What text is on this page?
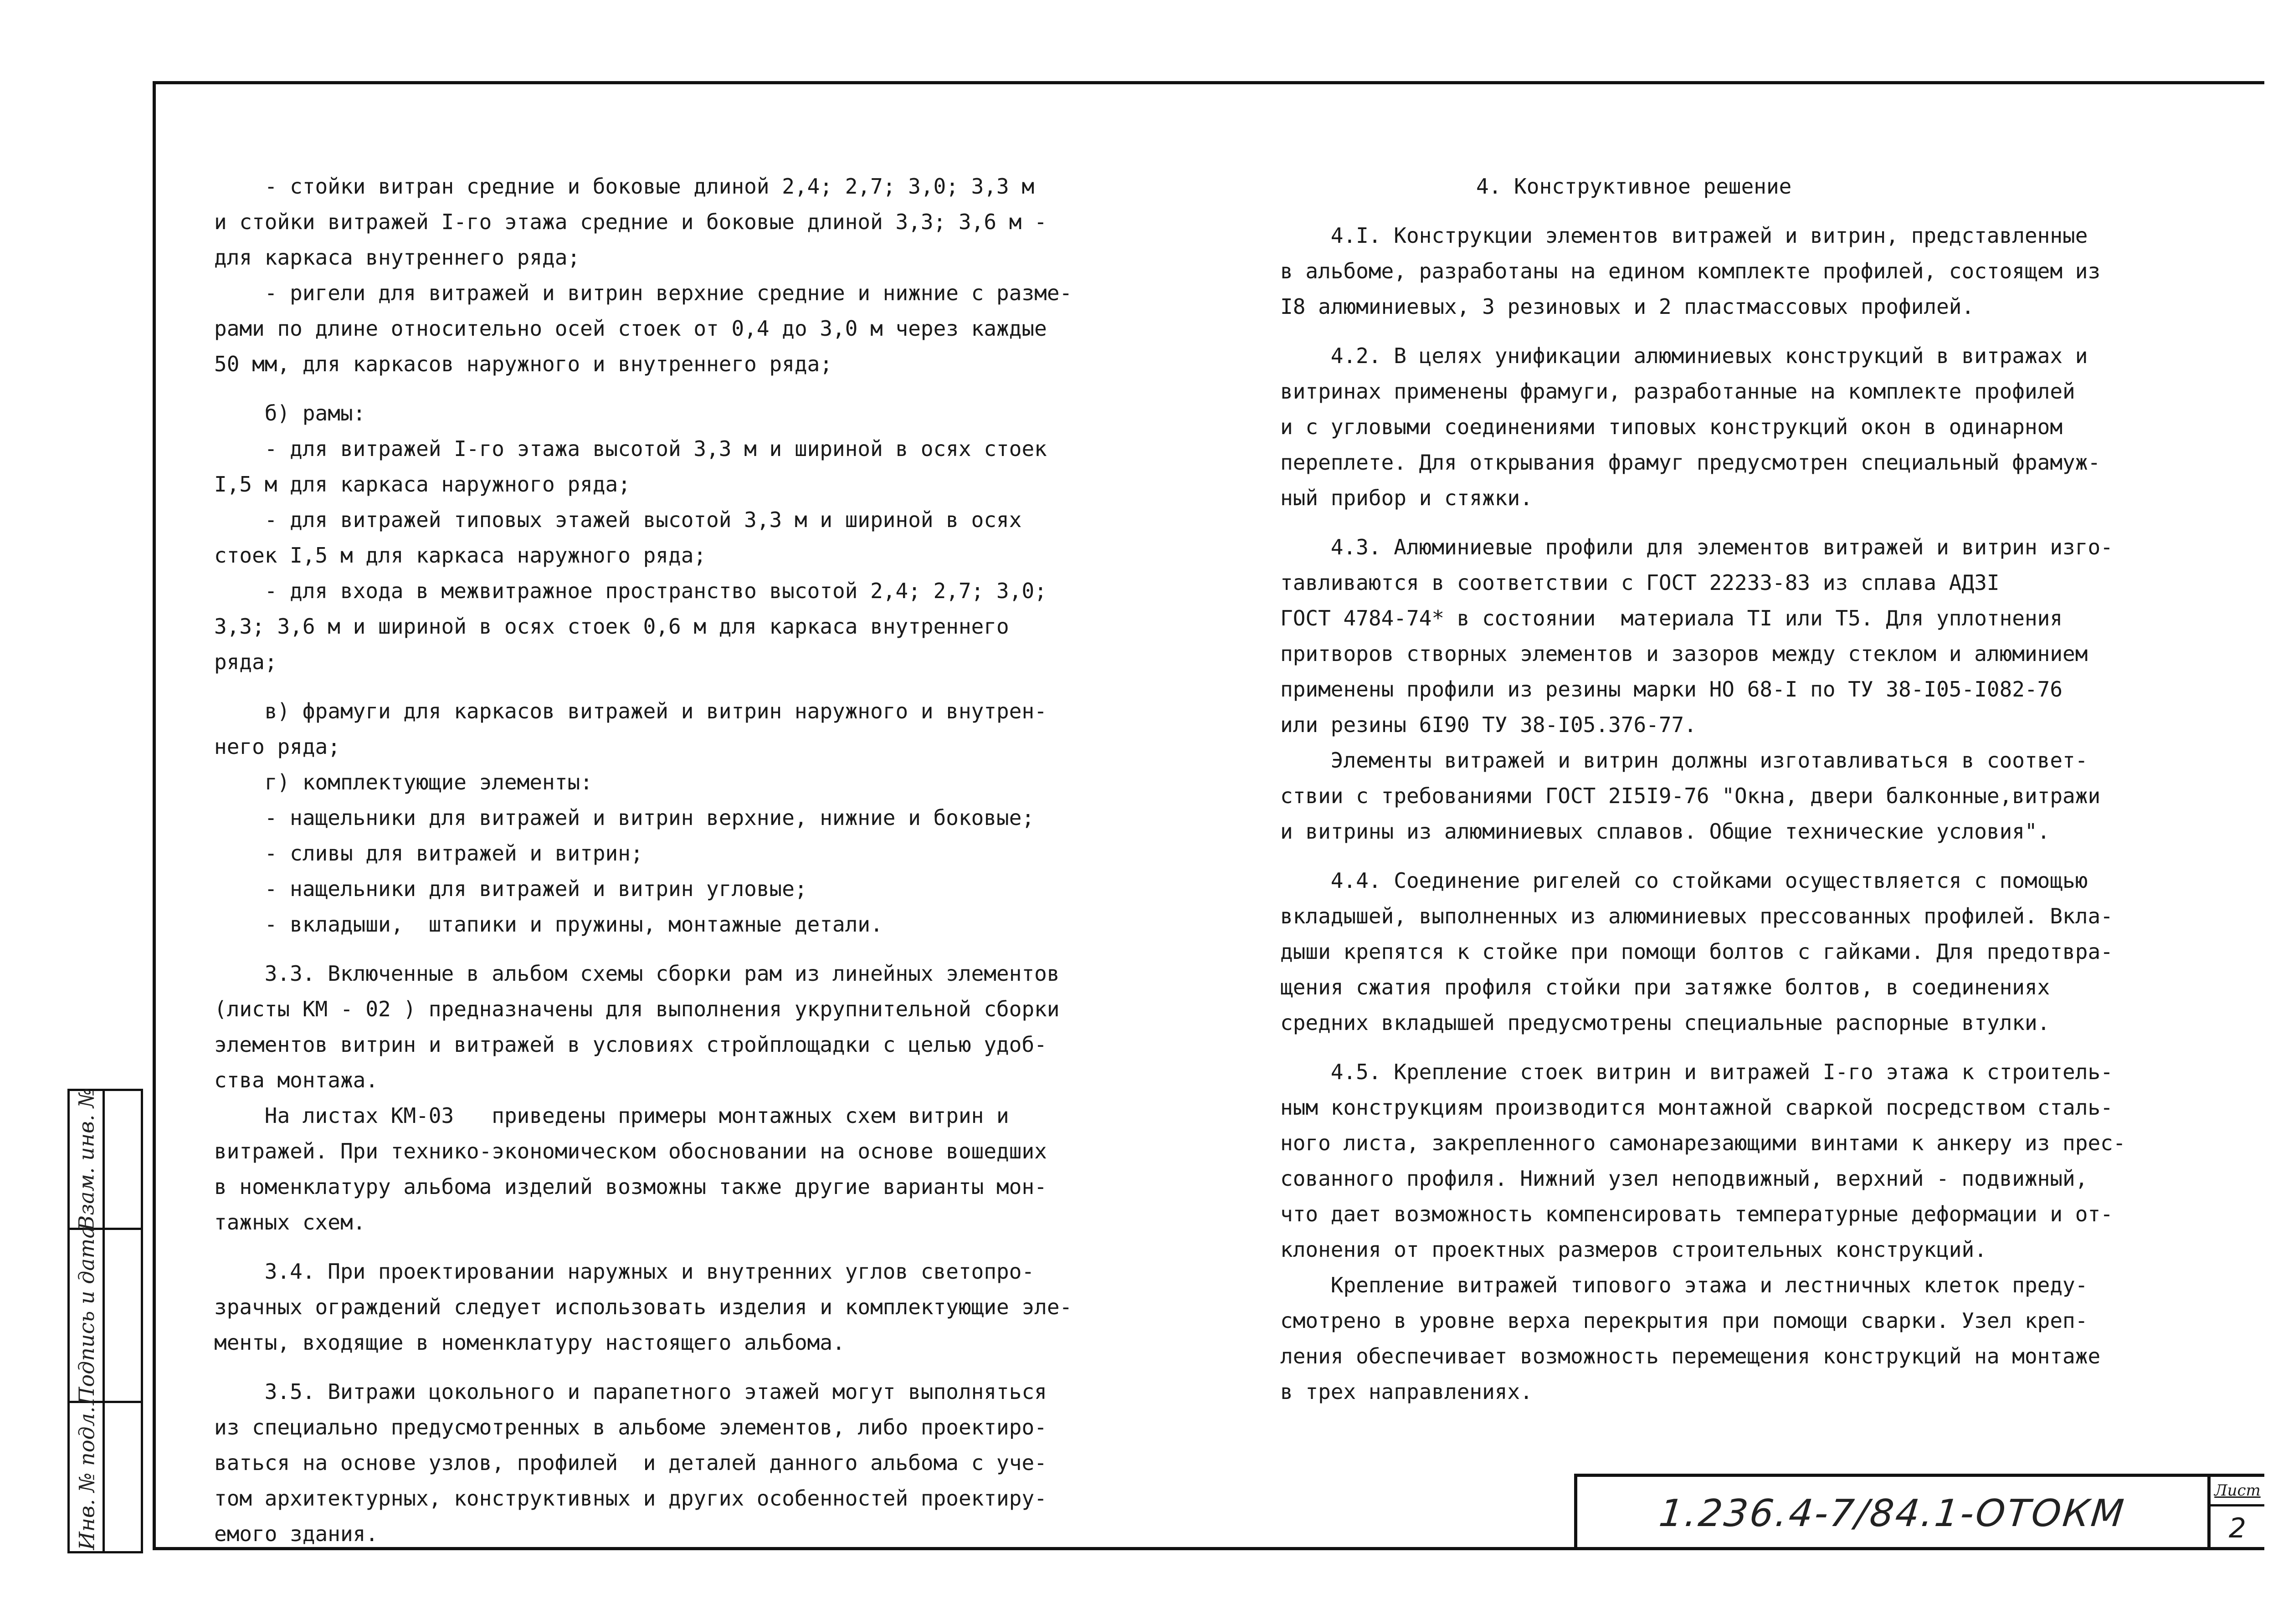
- стойки витран средние и боковые длиной 2,4; 2,7; 3,0; 3,3 м
и стойки витражей I-го этажа средние и боковые длиной 3,3; 3,6 м -
для каркаса внутреннего ряда;
- ригели для витражей и витрин верхние средние и нижние с разме-
рами по длине относительно осей стоек от 0,4 до 3,0 м через каждые
50 мм, для каркасов наружного и внутреннего ряда;
б) рамы:
- для витражей I-го этажа высотой 3,3 м и шириной в осях стоек
I,5 м для каркаса наружного ряда;
- для витражей типовых этажей высотой 3,3 м и шириной в осях
стоек I,5 м для каркаса наружного ряда;
- для входа в межвитражное пространство высотой 2,4; 2,7; 3,0;
3,3; 3,6 м и шириной в осях стоек 0,6 м для каркаса внутреннего
ряда;
в) фрамуги для каркасов витражей и витрин наружного и внутрен-
него ряда;
г) комплектующие элементы:
- нащельники для витражей и витрин верхние, нижние и боковые;
- сливы для витражей и витрин;
- нащельники для витражей и витрин угловые;
- вкладыши,  штапики и пружины, монтажные детали.
3.3. Включенные в альбом схемы сборки рам из линейных элементов
(листы КМ - 02 ) предназначены для выполнения укрупнительной сборки
элементов витрин и витражей в условиях стройплощадки с целью удоб-
ства монтажа.
На листах КМ-03   приведены примеры монтажных схем витрин и
витражей. При технико-экономическом обосновании на основе вошедших
в номенклатуру альбома изделий возможны также другие варианты мон-
тажных схем.
3.4. При проектировании наружных и внутренних углов светопро-
зрачных ограждений следует использовать изделия и комплектующие эле-
менты, входящие в номенклатуру настоящего альбома.
3.5. Витражи цокольного и парапетного этажей могут выполняться
из специально предусмотренных в альбоме элементов, либо проектиро-
ваться на основе узлов, профилей  и деталей данного альбома с уче-
том архитектурных, конструктивных и других особенностей проектиру-
емого здания.
4. Конструктивное решение
4.I. Конструкции элементов витражей и витрин, представленные
в альбоме, разработаны на едином комплекте профилей, состоящем из
I8 алюминиевых, 3 резиновых и 2 пластмассовых профилей.
4.2. В целях унификации алюминиевых конструкций в витражах и
витринах применены фрамуги, разработанные на комплекте профилей
и с угловыми соединениями типовых конструкций окон в одинарном
переплете. Для открывания фрамуг предусмотрен специальный фрамуж-
ный прибор и стяжки.
4.3. Алюминиевые профили для элементов витражей и витрин изго-
тавливаются в соответствии с ГОСТ 22233-83 из сплава АДЗI
ГОСТ 4784-74* в состоянии  материала TI или T5. Для уплотнения
притворов створных элементов и зазоров между стеклом и алюминием
применены профили из резины марки НО 68-I по ТУ 38-I05-I082-76
или резины 6I90 ТУ 38-I05.376-77.
Элементы витражей и витрин должны изготавливаться в соответ-
ствии с требованиями ГОСТ 2I5I9-76 "Окна, двери балконные,витражи
и витрины из алюминиевых сплавов. Общие технические условия".
4.4. Соединение ригелей со стойками осуществляется с помощью
вкладышей, выполненных из алюминиевых прессованных профилей. Вкла-
дыши крепятся к стойке при помощи болтов с гайками. Для предотвра-
щения сжатия профиля стойки при затяжке болтов, в соединениях
средних вкладышей предусмотрены специальные распорные втулки.
4.5. Крепление стоек витрин и витражей I-го этажа к строитель-
ным конструкциям производится монтажной сваркой посредством сталь-
ного листа, закрепленного самонарезающими винтами к анкеру из прес-
сованного профиля. Нижний узел неподвижный, верхний - подвижный,
что дает возможность компенсировать температурные деформации и от-
клонения от проектных размеров строительных конструкций.
Крепление витражей типового этажа и лестничных клеток преду-
смотрено в уровне верха перекрытия при помощи сварки. Узел креп-
ления обеспечивает возможность перемещения конструкций на монтаже
в трех направлениях.
Взам. инв. №
Подпись и дата
Инв. № подл.	1.236.4-7/84.1-ОТОКМ
Лист
2
